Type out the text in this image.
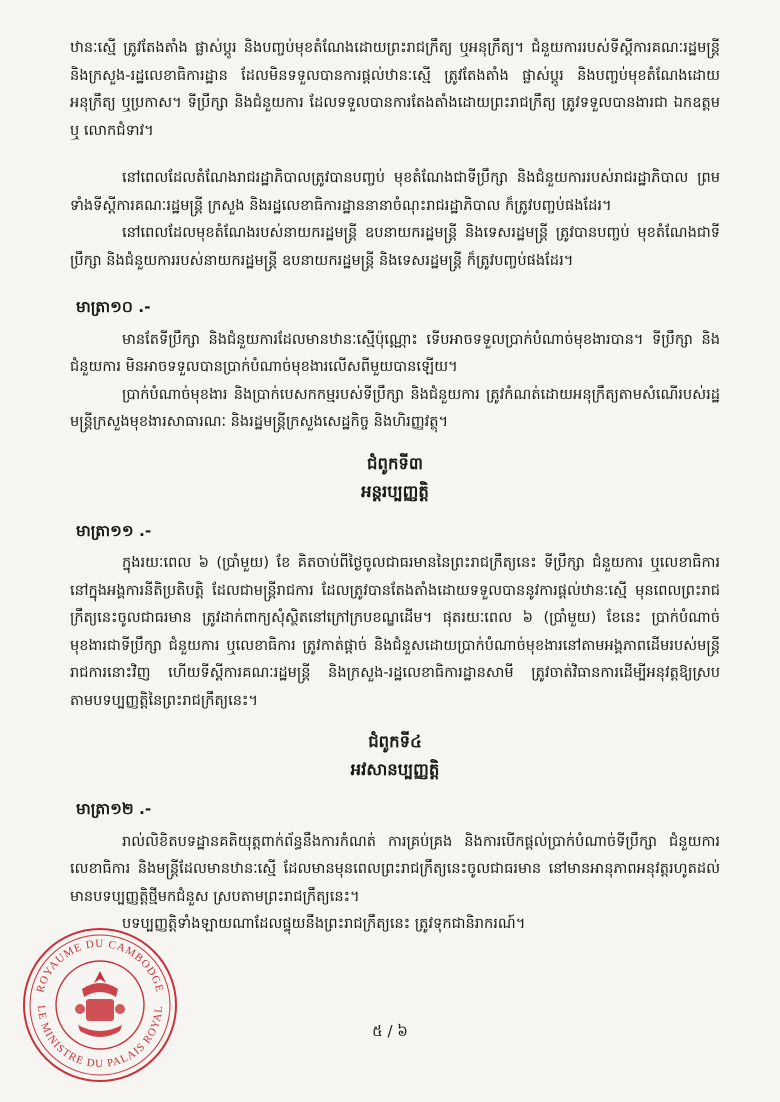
ឋានៈស្មើ ត្រូវតែងតាំង ផ្លាស់ប្តូរ និងបញ្ចប់មុខតំណែងដោយព្រះរាជក្រឹត្យ ឬអនុក្រឹត្យ។ ជំនួយការរបស់ទីស្តីការគណៈរដ្ឋមន្ត្រី និងក្រសួង-រដ្ឋលេខាធិការដ្ឋាន ដែលមិនទទួលបានការផ្តល់ឋានៈស្មើ ត្រូវតែងតាំង ផ្លាស់ប្តូរ និងបញ្ចប់មុខតំណែងដោយអនុក្រឹត្យ ឬប្រកាស។ ទីប្រឹក្សា និងជំនួយការ ដែលទទួលបានការតែងតាំងដោយព្រះរាជក្រឹត្យ ត្រូវទទួលបានងារជា ឯកឧត្តម ឬ លោកជំទាវ។

នៅពេលដែលតំណែងរាជរដ្ឋាភិបាលត្រូវបានបញ្ចប់ មុខតំណែងជាទីប្រឹក្សា និងជំនួយការរបស់រាជរដ្ឋាភិបាល ព្រមទាំងទីស្តីការគណៈរដ្ឋមន្ត្រី ក្រសួង និងរដ្ឋលេខាធិការដ្ឋាននានាចំណុះរាជរដ្ឋាភិបាល ក៏ត្រូវបញ្ចប់ផងដែរ។

នៅពេលដែលមុខតំណែងរបស់នាយករដ្ឋមន្ត្រី ឧបនាយករដ្ឋមន្ត្រី និងទេសរដ្ឋមន្ត្រី ត្រូវបានបញ្ចប់ មុខតំណែងជាទីប្រឹក្សា និងជំនួយការរបស់នាយករដ្ឋមន្ត្រី ឧបនាយករដ្ឋមន្ត្រី និងទេសរដ្ឋមន្ត្រី ក៏ត្រូវបញ្ចប់ផងដែរ។

មាត្រា១០ .-

មានតែទីប្រឹក្សា និងជំនួយការដែលមានឋានៈស្មើប៉ុណ្ណោះ ទើបអាចទទួលប្រាក់បំណាច់មុខងារបាន។ ទីប្រឹក្សា និងជំនួយការ មិនអាចទទួលបានប្រាក់បំណាច់មុខងារលើសពីមួយបានឡើយ។

ប្រាក់បំណាច់មុខងារ និងប្រាក់បេសកកម្មរបស់ទីប្រឹក្សា និងជំនួយការ ត្រូវកំណត់ដោយអនុក្រឹត្យតាមសំណើរបស់រដ្ឋមន្ត្រីក្រសួងមុខងារសាធារណៈ និងរដ្ឋមន្ត្រីក្រសួងសេដ្ឋកិច្ច និងហិរញ្ញវត្ថុ។

ជំពូកទី៣
អន្តរប្បញ្ញត្តិ
មាត្រា១១ .-

ក្នុងរយៈពេល ៦ (ប្រាំមួយ) ខែ គិតចាប់ពីថ្ងៃចូលជាធរមាននៃព្រះរាជក្រឹត្យនេះ ទីប្រឹក្សា ជំនួយការ ឬលេខាធិការ នៅក្នុងអង្គការនីតិប្រតិបត្តិ ដែលជាមន្ត្រីរាជការ ដែលត្រូវបានតែងតាំងដោយទទួលបាននូវការផ្តល់ឋានៈស្មើ មុនពេលព្រះរាជក្រឹត្យនេះចូលជាធរមាន ត្រូវដាក់ពាក្យសុំស្ថិតនៅក្រៅក្របខណ្ឌដើម។ ផុតរយៈពេល ៦ (ប្រាំមួយ) ខែនេះ ប្រាក់បំណាច់មុខងារជាទីប្រឹក្សា ជំនួយការ ឬលេខាធិការ ត្រូវកាត់ផ្តាច់ និងជំនួសដោយប្រាក់បំណាច់មុខងារនៅតាមអង្គភាពដើមរបស់មន្ត្រីរាជការនោះវិញ ហើយទីស្តីការគណៈរដ្ឋមន្ត្រី និងក្រសួង-រដ្ឋលេខាធិការដ្ឋានសាមី ត្រូវចាត់វិធានការដើម្បីអនុវត្តឱ្យស្របតាមបទប្បញ្ញត្តិនៃព្រះរាជក្រឹត្យនេះ។

ជំពូកទី៤
អវសានប្បញ្ញត្តិ
មាត្រា១២ .-

រាល់លិខិតបទដ្ឋានគតិយុត្តពាក់ព័ន្ធនឹងការកំណត់ ការគ្រប់គ្រង និងការបើកផ្តល់ប្រាក់បំណាច់ទីប្រឹក្សា ជំនួយការ លេខាធិការ និងមន្ត្រីដែលមានឋានៈស្មើ ដែលមានមុនពេលព្រះរាជក្រឹត្យនេះចូលជាធរមាន នៅមានអានុភាពអនុវត្តរហូតដល់មានបទប្បញ្ញត្តិថ្មីមកជំនួស ស្របតាមព្រះរាជក្រឹត្យនេះ។

បទប្បញ្ញត្តិទាំងឡាយណាដែលផ្ទុយនឹងព្រះរាជក្រឹត្យនេះ ត្រូវទុកជានិរាករណ៍។

៥ / ៦
ROYAUME DU CAMBODGE
LE MINISTRE DU PALAIS ROYAL
